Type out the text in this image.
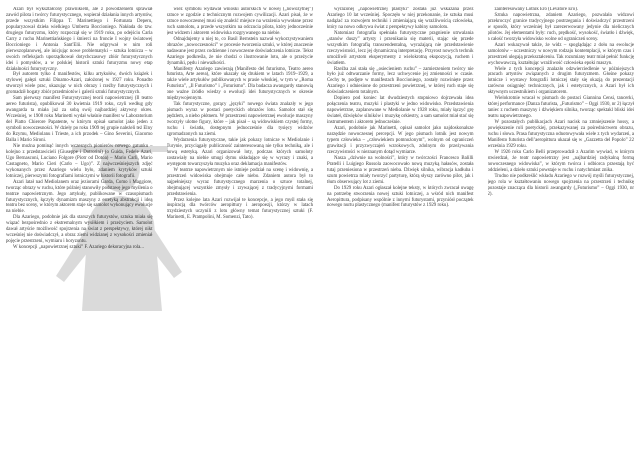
Azari był wykształcony prawnikiem, ale z powodzeniem sprawiał zawód pilota i twórcy futurystycznego, wspierał działania innych artystów, przede wszystkim Filippa T. Marinettiego i Fortunata Deperu, popularyzował dzieła wielkiego Umberta Boccioniego. Nakłada do tzw. drugiego futuryzmu, który rozpoczął się w 1919 roku, po odejściu Carla Carry z ruchu Marinettiańskiego i śmierci na froncie I wojny światowej Boccioniego i Antonia Sant'Elii. Nie odgrywał w nim roli pierwszoplanowej, ale inicjując nowe problematyki – sztuka lotnicza – w swoich refleksjach uporządkował dotychczasowy zbiór futurystycznych idei i pomysłów, a w polskiej historii sztuki futuryzmu nowy etap działalności futurystyczny.

Był autorem tylko 4 manifestów, kilku artykułów, dwóch książek i stylowej gałęzi sztuki Dinamo-Azari, założonej w 1927 roku. Ponadto stworzył wiele prac, ukazując w nich obrazy i rzeźby futurystycznych i gromadził bogaty zbiór przedmiotów i galerii sztuki futurystycznych.

Sam pierwszy manifest Futurystycznej teorii napowietrznej (Il teatro aereo futurista), opublikował 30 kwietnia 1919 roku, czyli według gdy awangarda ta miała już za sobą swój najbardziej aktywny okres. Wcześniej, w 1908 roku Marinetti wydał właśnie manifest w Laboratorium del Piatto Chierore Papatente, w którym opisał samolot jako jeden z symboli nowoczesności. W dzieły po roku 1909 tej grupie należeli też Elny do Rzymu, Mediolanu i Trieste, a ich przodek – Gino Severini, Giacomo Balla i Mario Sironi.

Nie można pominąć innych wczesnych pionierów nowego gatunku – kolejno z przedstawicieli (Giuseppe i Dotrorini) (o Guida, Fedele Azari, Ugo Bernasconi, Luciano Folgore (Piotr od Dotoa) – Mario Carli, Mario Castagneto, Mario Cieri (Carlo – Ugo)”. Z najwcześniejszych zdjęć wykonanych przez Azariego wielu było, zdaniem krytyków sztuki lotniczej, pierwszymi fotografiami lotniczymi w historii fotografii.

Azari latał nad Mediolanem oraz jeziorami Garda, Como i Maggiore, tworząc obrazy w ruchu, które później stanowiły podstawę jego myślenia o teatrze napowietrznym. Jego artykuły, publikowane w czasopismach futurystycznych, łączyły dynamizm maszyny z estetyką abstrakcji i ideą teatru bez sceny, w którym aktorem staje się samolot wykonujący ewolucje na niebie.

Dla Azariego, podobnie jak dla starszych futurystów, sztuka miała się wiązać bezpośrednio z ekstremalnym wysiłkiem i przeżyciem. Samolot dawał artyście możliwość spojrzenia na świat z perspektywy, której nikt wcześniej nie doświadczył, a obraz ziemi widzianej z wysokości zmieniał pojęcie przestrzeni, wymiaru i horyzontu.

W koncepcji „napowietrznej sztuki” F. Azariego dekoracyjna rola...

wież symbolu wydawał wnioski autorskich w nowej („nowożytnej”) sztuce w zgodzie z technicznym rozwojem cywilizacji. Azari pisał, że w sztuce nowoczesnej musi się znaleźć miejsce na wrażenia wywołane przez ruch samolotu, a przede wszystkim na odczucia pilota, który jednocześnie jest widzem i aktorem widowiska rozgrywanego na niebie.

Odnajdujemy u niej to, co Basil Bernstein nazwał wykorzystywaniem obrazów „nowoczesności” w procesie tworzenia sztuki, w której znaczenie nadawane jest przez codzienne i nowoczesne doświadczenia lotnicze. Tekst Azariego podkreśla, że nie chodzi o ilustrowanie lotu, ale o przeżycie dynamiki, pędu i nieważkości.

Manifesty Azariego zawierają (Manifesto del futurismo, Teatro aereo futurista, Arte aerea), które ukazały się drukiem w latach 1919–1929, a także wiele artykułów publikowanych w prasie włoskiej, w tym w „Roma Futurista”, „Il Futurismo” i „Futurismo”. Dla badacza awangardy stanowią one ważne źródło wiedzy o ewolucji idei futurystycznych w okresie międzywojennym.

Tak futurystyczne, gorący „języki” nowego świata znalazły w jego pismach wyraz w postaci poetyckich obrazów lotu. Samolot stał się pędzlem, a niebo płótnem. W przestrzeni napowietrznej ewolucje maszyny tworzyły ulotne figury, które – jak pisał – są widowiskiem czystej formy, ruchu i światła, dostępnym jednocześnie dla tysięcy widzów zgromadzonych na ziemi.

Wydarzenia futurystyczne, takie jak pokazy lotnicze w Mediolanie i Turynie, przyciągały publiczność zainteresowaną nie tylko techniką, ale i nową estetyką. Azari organizował loty, podczas których samoloty zostawiały na niebie smugi dymu układające się w wyrazy i znaki, a występom towarzyszyła muzyka oraz deklamacja manifestów.

W teatrze napowietrznym nie istnieje podział na scenę i widownię, a przestrzeń widowiska obejmuje całe niebo. Zdaniem autora był to najpełniejszy wyraz futurystycznego marzenia o sztuce totalnej, obejmującej wszystkie zmysły i zrywającej z tradycyjnymi formami przedstawienia.

Przez kolejne lata Azari rozwijał te koncepcje, a jego myśl stała się inspiracją dla twórców aeropittury i aeropoezji, którzy w latach trzydziestych uczynili z lotu główny temat futurystycznej sztuki (F. Marinetti, E. Prampolini, M. Somenzi, Tato).

wyrażonej „napowietrznej plastyki” została już wskazana przez Azariego 10 lat wcześniej. Spoczęło w niej przekonanie, że sztuka musi nadążać za rozwojem techniki i zmieniającą się wrażliwością człowieka, który na nowo odkrywa świat z perspektywy kabiny samolotu.

Natomiast fotografia spełniała futurystyczne pragnienie utrwalania „stanów duszy” artysty i przenikania się materii, stając się przede wszystkim fotografią transcendentalną, wyrażającą nie przedstawienie rzeczywistości, lecz jej dynamiczną interpretację. Przyrost nowych technik umożliwił artystom eksperymenty z wielokrotną ekspozycją, ruchem i światłem.

Rzeźba zaś stała się „osiecieniem ruchu” – zamierzeniem twórcy nie było już odtwarzanie formy, lecz uchwycenie jej zmienności w czasie. Cechy te, podjęte w manifestach Boccioniego, zostały rozwinięte przez Azariego i odniesione do przestrzeni powietrznej, w której ruch staje się doświadczeniem totalnym.

Dopiero pod koniec lat dwudziestych stopniowo dojrzewała idea połączenia teatru, muzyki i plastyki w jedno widowisko. Przedstawienia napowietrzne, zaplanowane w Mediolanie w 1928 roku, miały łączyć grę świateł, dźwięków silników i muzykę orkiestry, a sam samolot miał stać się instrumentem i aktorem jednocześnie.

Azari, podobnie jak Marinetti, opisał samolot jako najdoskonalsze narzędzie nowoczesnej percepcji. W jego pismach lotnik jest nowym typem człowieka – „człowiekiem pomnożonym”, wolnym od ograniczeń grawitacji i przyzwyczajeń wzrokowych, zdolnym do przeżywania rzeczywistości w nieznanym dotąd wymiarze.

Nasza „dziwnie na wolności”, który w twórczości Francesco Balilli Pratelli i Luigiego Russola zaowocowało nową muzyką hałasów, została tutaj przeniesiona w przestrzeń nieba. Dźwięk silnika, wibracja kadłuba i szum powietrza miały tworzyć partyturę, którą słyszy zarówno pilot, jak i tłum obserwujący lot z ziemi.

Do 1929 roku Azari ogłaszał kolejne teksty, w których zwracał uwagę na potrzebę stworzenia nowej sztuki lotniczej, a wśród nich manifest Aeropittura, podpisany wspólnie z innymi futurystami, przyniósł początek nowego nurtu plastycznego (manifest futurystów z 1929 roku).

zainteresowany Lotnik Ero (Levatore Ero).

Sztuka napowietrzna, zdaniem Azariego, pozwalała widzowi przekroczyć granice tradycyjnego postrzegania i doświadczyć przestrzeni w sposób, który wcześniej był zarezerwowany jedynie dla nielicznych pilotów. Jej elementami były: ruch, prędkość, wysokość, światło i dźwięk, a całość tworzyła widowisko wolne od ograniczeń sceny.

Azari wskazywał także, że widz – spoglądając z dołu na ewolucje samolotów – uczestniczy w nowym rodzaju kontemplacji, w którym czas i przestrzeń ulegają przekształceniu. Tak rozumiany teatr miał pełnić funkcję wychowawczą, kształtując wrażliwość człowieka epoki maszyn.

Wiele z tych koncepcji znalazło odzwierciedlenie w późniejszych pracach artystów związanych z drugim futuryzmem. Głośne pokazy lotnicze i wystawy fotografii lotniczej stały się okazją do prezentacji zarówno osiągnięć technicznych, jak i estetycznych, a Azari był ich aktywnym uczestnikiem i organizatorem.

Wielokrotnie wracał w pismach do postaci Giannina Censi, tancerki, której performance (Danza futurista, „Futurismo” – Oggi 1930, nr 2) łączył taniec z ruchem maszyny i dźwiękiem silnika, tworząc spektakl bliski idei teatru napowietrznego.

W pozostałych publikacjach Azari nacisk na zmniejszenie hossy, a powiększenie roli poetyckiej, przekazywanej za pośrednictwem obrazu, ruchu i słowa. Prasa futurystyczna odnotowywała wiele z tych wydarzeń, a Manifesto futurista dell’aeropittura ukazał się w „Gazzetta del Popolo” 22 września 1929 roku.

W 1926 roku Carlo Belli przeprowadził z Azarim wywiad, w którym stwierdzał, że teatr napowietrzny jest „najbardziej radykalną formą nowoczesnego widowiska”, w którym twórca i odbiorca przestają być oddzieleni, a dzieło sztuki powstaje w ruchu i natychmiast znika.

Trudno nie podkreślić wkładu Azariego w rozwój myśli futurystycznej, jego rola w kształtowaniu nowego spojrzenia na przestrzeń i technikę pozostaje znacząca dla historii awangardy („Futurismo” – Oggi 1930, nr 2).
